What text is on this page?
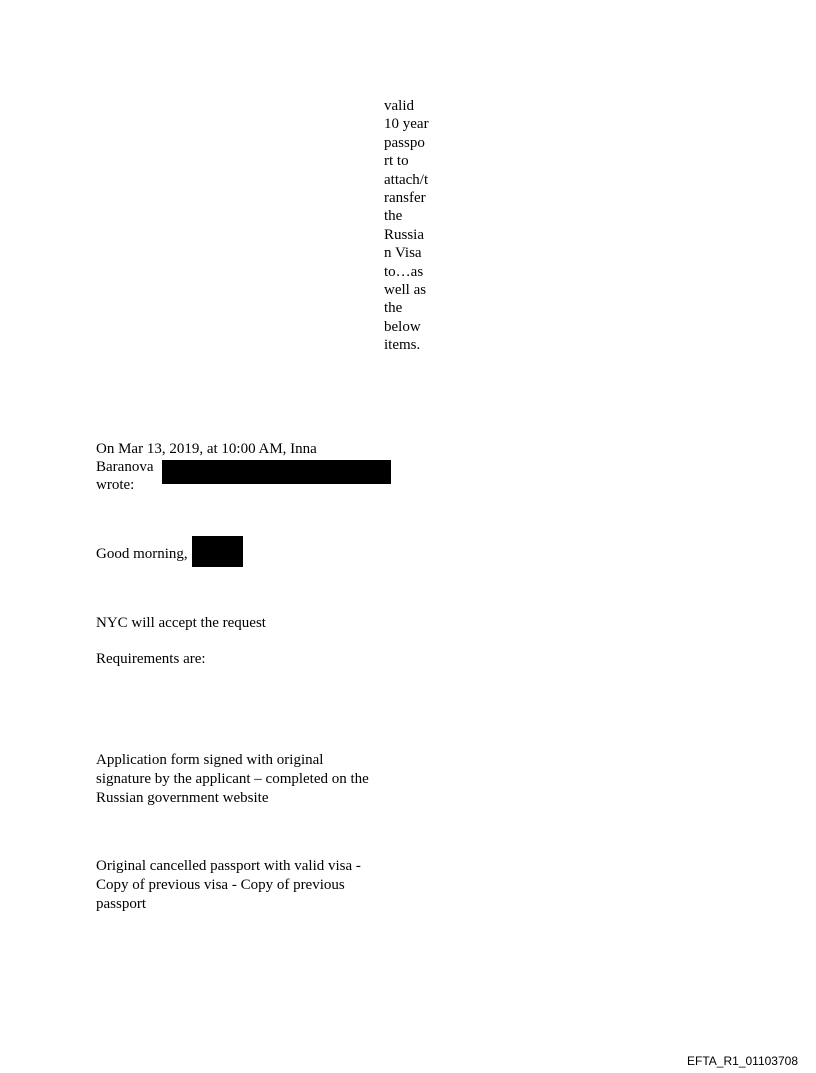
valid
10 year
passpo
rt to
attach/t
ransfer
the
Russia
n Visa
to…as
well as
the
below
items.
On Mar 13, 2019, at 10:00 AM, Inna
Baranova
wrote:
Good morning,
NYC will accept the request
Requirements are:
Application form signed with original
signature by the applicant – completed on the
Russian government website
Original cancelled passport with valid visa -
Copy of previous visa - Copy of previous
passport
EFTA_R1_01103708
